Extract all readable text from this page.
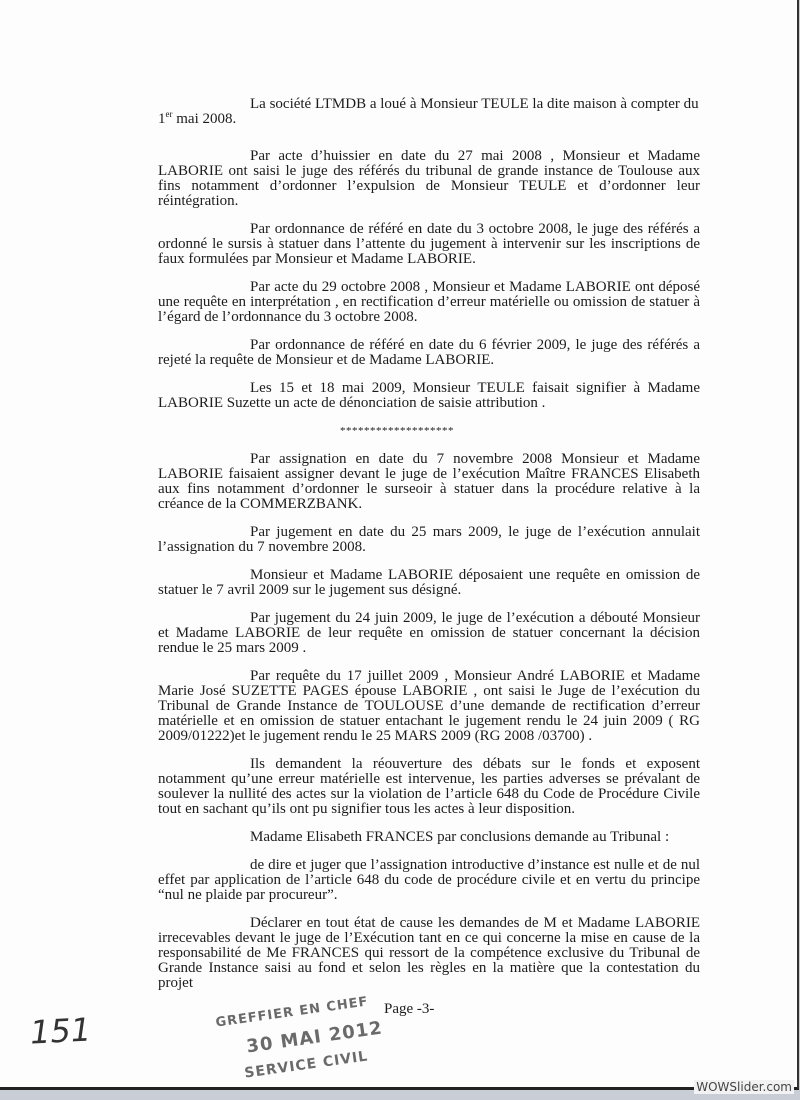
La société LTMDB a loué à Monsieur TEULE la dite maison à compter du
1er mai 2008.
Par acte d’huissier en date du 27 mai 2008 , Monsieur et Madame LABORIE ont saisi le juge des référés du tribunal de grande instance de Toulouse aux fins notamment d’ordonner l’expulsion de Monsieur TEULE et d’ordonner leur réintégration.
Par ordonnance de référé en date du 3 octobre 2008, le juge des référés a ordonné le sursis à statuer dans l’attente du jugement à intervenir sur les inscriptions de faux formulées par Monsieur et Madame LABORIE.
Par acte du 29 octobre 2008 , Monsieur et Madame LABORIE ont déposé une requête en interprétation , en rectification d’erreur matérielle ou omission de statuer à l’égard de l’ordonnance du 3 octobre 2008.
Par ordonnance de référé en date du 6 février 2009, le juge des référés a rejeté la requête de Monsieur et de Madame LABORIE.
Les 15 et 18 mai 2009, Monsieur TEULE faisait signifier à Madame LABORIE Suzette un acte de dénonciation de saisie attribution .
*******************
Par assignation en date du 7 novembre 2008 Monsieur et Madame LABORIE faisaient assigner devant le juge de l’exécution Maître FRANCES Elisabeth aux fins notamment d’ordonner le surseoir à statuer dans la procédure relative à la créance de la COMMERZBANK.
Par jugement en date du 25 mars 2009, le juge de l’exécution annulait l’assignation du 7 novembre 2008.
Monsieur et Madame LABORIE déposaient une requête en omission de statuer le 7 avril 2009 sur le jugement sus désigné.
Par jugement du 24 juin 2009, le juge de l’exécution a débouté Monsieur et Madame LABORIE de leur requête en omission de statuer concernant la décision rendue le 25 mars 2009 .
Par requête du 17 juillet 2009 , Monsieur André LABORIE et Madame Marie José SUZETTE PAGES épouse LABORIE , ont saisi le Juge de l’exécution du Tribunal de Grande Instance de TOULOUSE d’une demande de rectification d’erreur matérielle et en omission de statuer entachant le jugement rendu le 24 juin 2009 ( RG 2009/01222)et le jugement rendu le 25 MARS 2009 (RG 2008 /03700) .
Ils demandent la réouverture des débats sur le fonds et exposent notamment qu’une erreur matérielle est intervenue, les parties adverses se prévalant de soulever la nullité des actes sur la violation de l’article 648 du Code de Procédure Civile tout en sachant qu’ils ont pu signifier tous les actes à leur disposition.
Madame Elisabeth FRANCES par conclusions demande au Tribunal :
de dire et juger que l’assignation introductive d’instance est nulle et de nul effet par application de l’article 648 du code de procédure civile et en vertu du principe “nul ne plaide par procureur”.
Déclarer en tout état de cause les demandes de M et Madame LABORIE irrecevables devant le juge de l’Exécution tant en ce qui concerne la mise en cause de la responsabilité de Me FRANCES qui ressort de la compétence exclusive du Tribunal de Grande Instance saisi au fond et selon les règles en la matière que la contestation du projet
GREFFIER EN CHEF
30 MAI 2012
SERVICE CIVIL
Page -3-
151
WOWSlider.com
